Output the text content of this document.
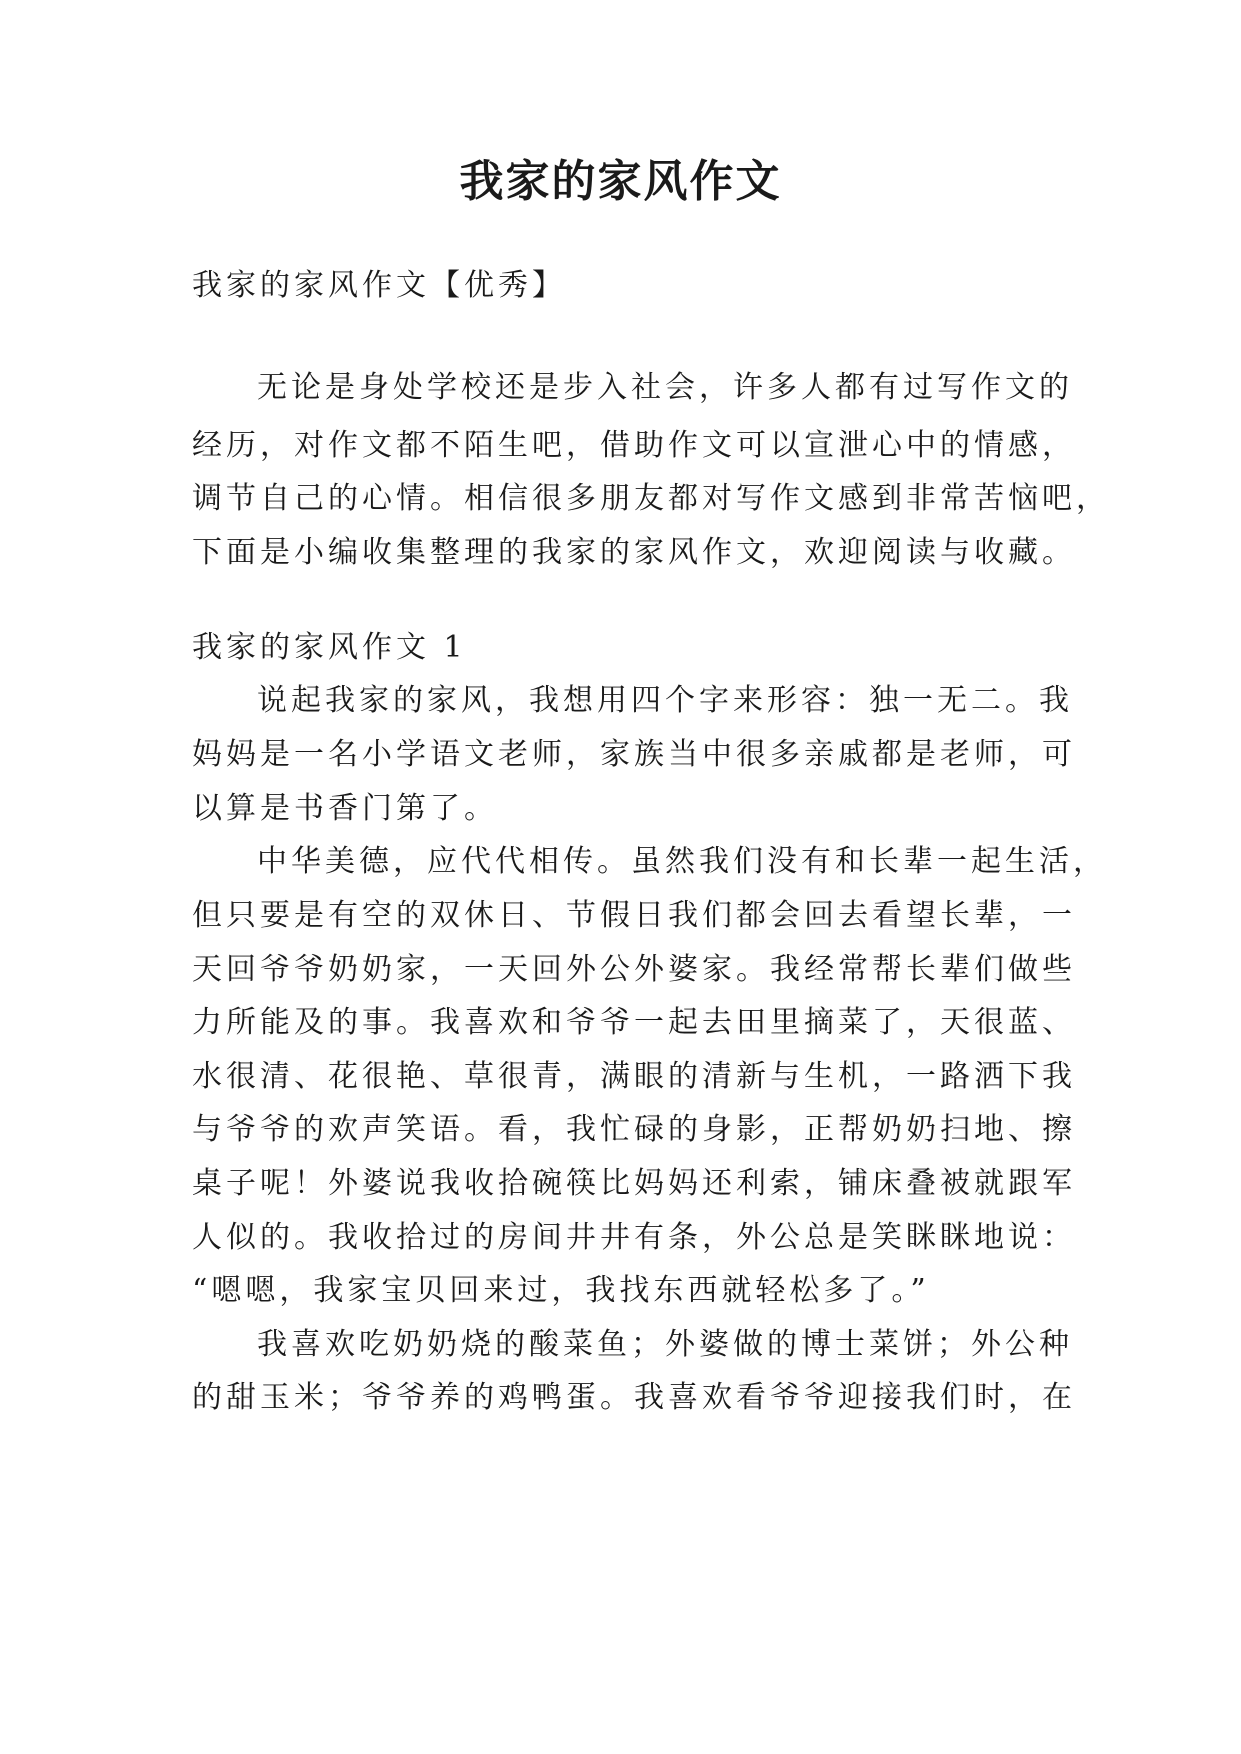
我家的家风作文

我家的家风作文【优秀】

无论是身处学校还是步入社会，许多人都有过写作文的

经历，对作文都不陌生吧，借助作文可以宣泄心中的情感，

调节自己的心情。相信很多朋友都对写作文感到非常苦恼吧，

下面是小编收集整理的我家的家风作文，欢迎阅读与收藏。

我家的家风作文 1

说起我家的家风，我想用四个字来形容：独一无二。我

妈妈是一名小学语文老师，家族当中很多亲戚都是老师，可

以算是书香门第了。

中华美德，应代代相传。虽然我们没有和长辈一起生活，

但只要是有空的双休日、节假日我们都会回去看望长辈，一

天回爷爷奶奶家，一天回外公外婆家。我经常帮长辈们做些

力所能及的事。我喜欢和爷爷一起去田里摘菜了，天很蓝、

水很清、花很艳、草很青，满眼的清新与生机，一路洒下我

与爷爷的欢声笑语。看，我忙碌的身影，正帮奶奶扫地、擦

桌子呢！外婆说我收拾碗筷比妈妈还利索，铺床叠被就跟军

人似的。我收拾过的房间井井有条，外公总是笑眯眯地说：

“嗯嗯，我家宝贝回来过，我找东西就轻松多了。”

我喜欢吃奶奶烧的酸菜鱼；外婆做的博士菜饼；外公种

的甜玉米；爷爷养的鸡鸭蛋。我喜欢看爷爷迎接我们时，在
